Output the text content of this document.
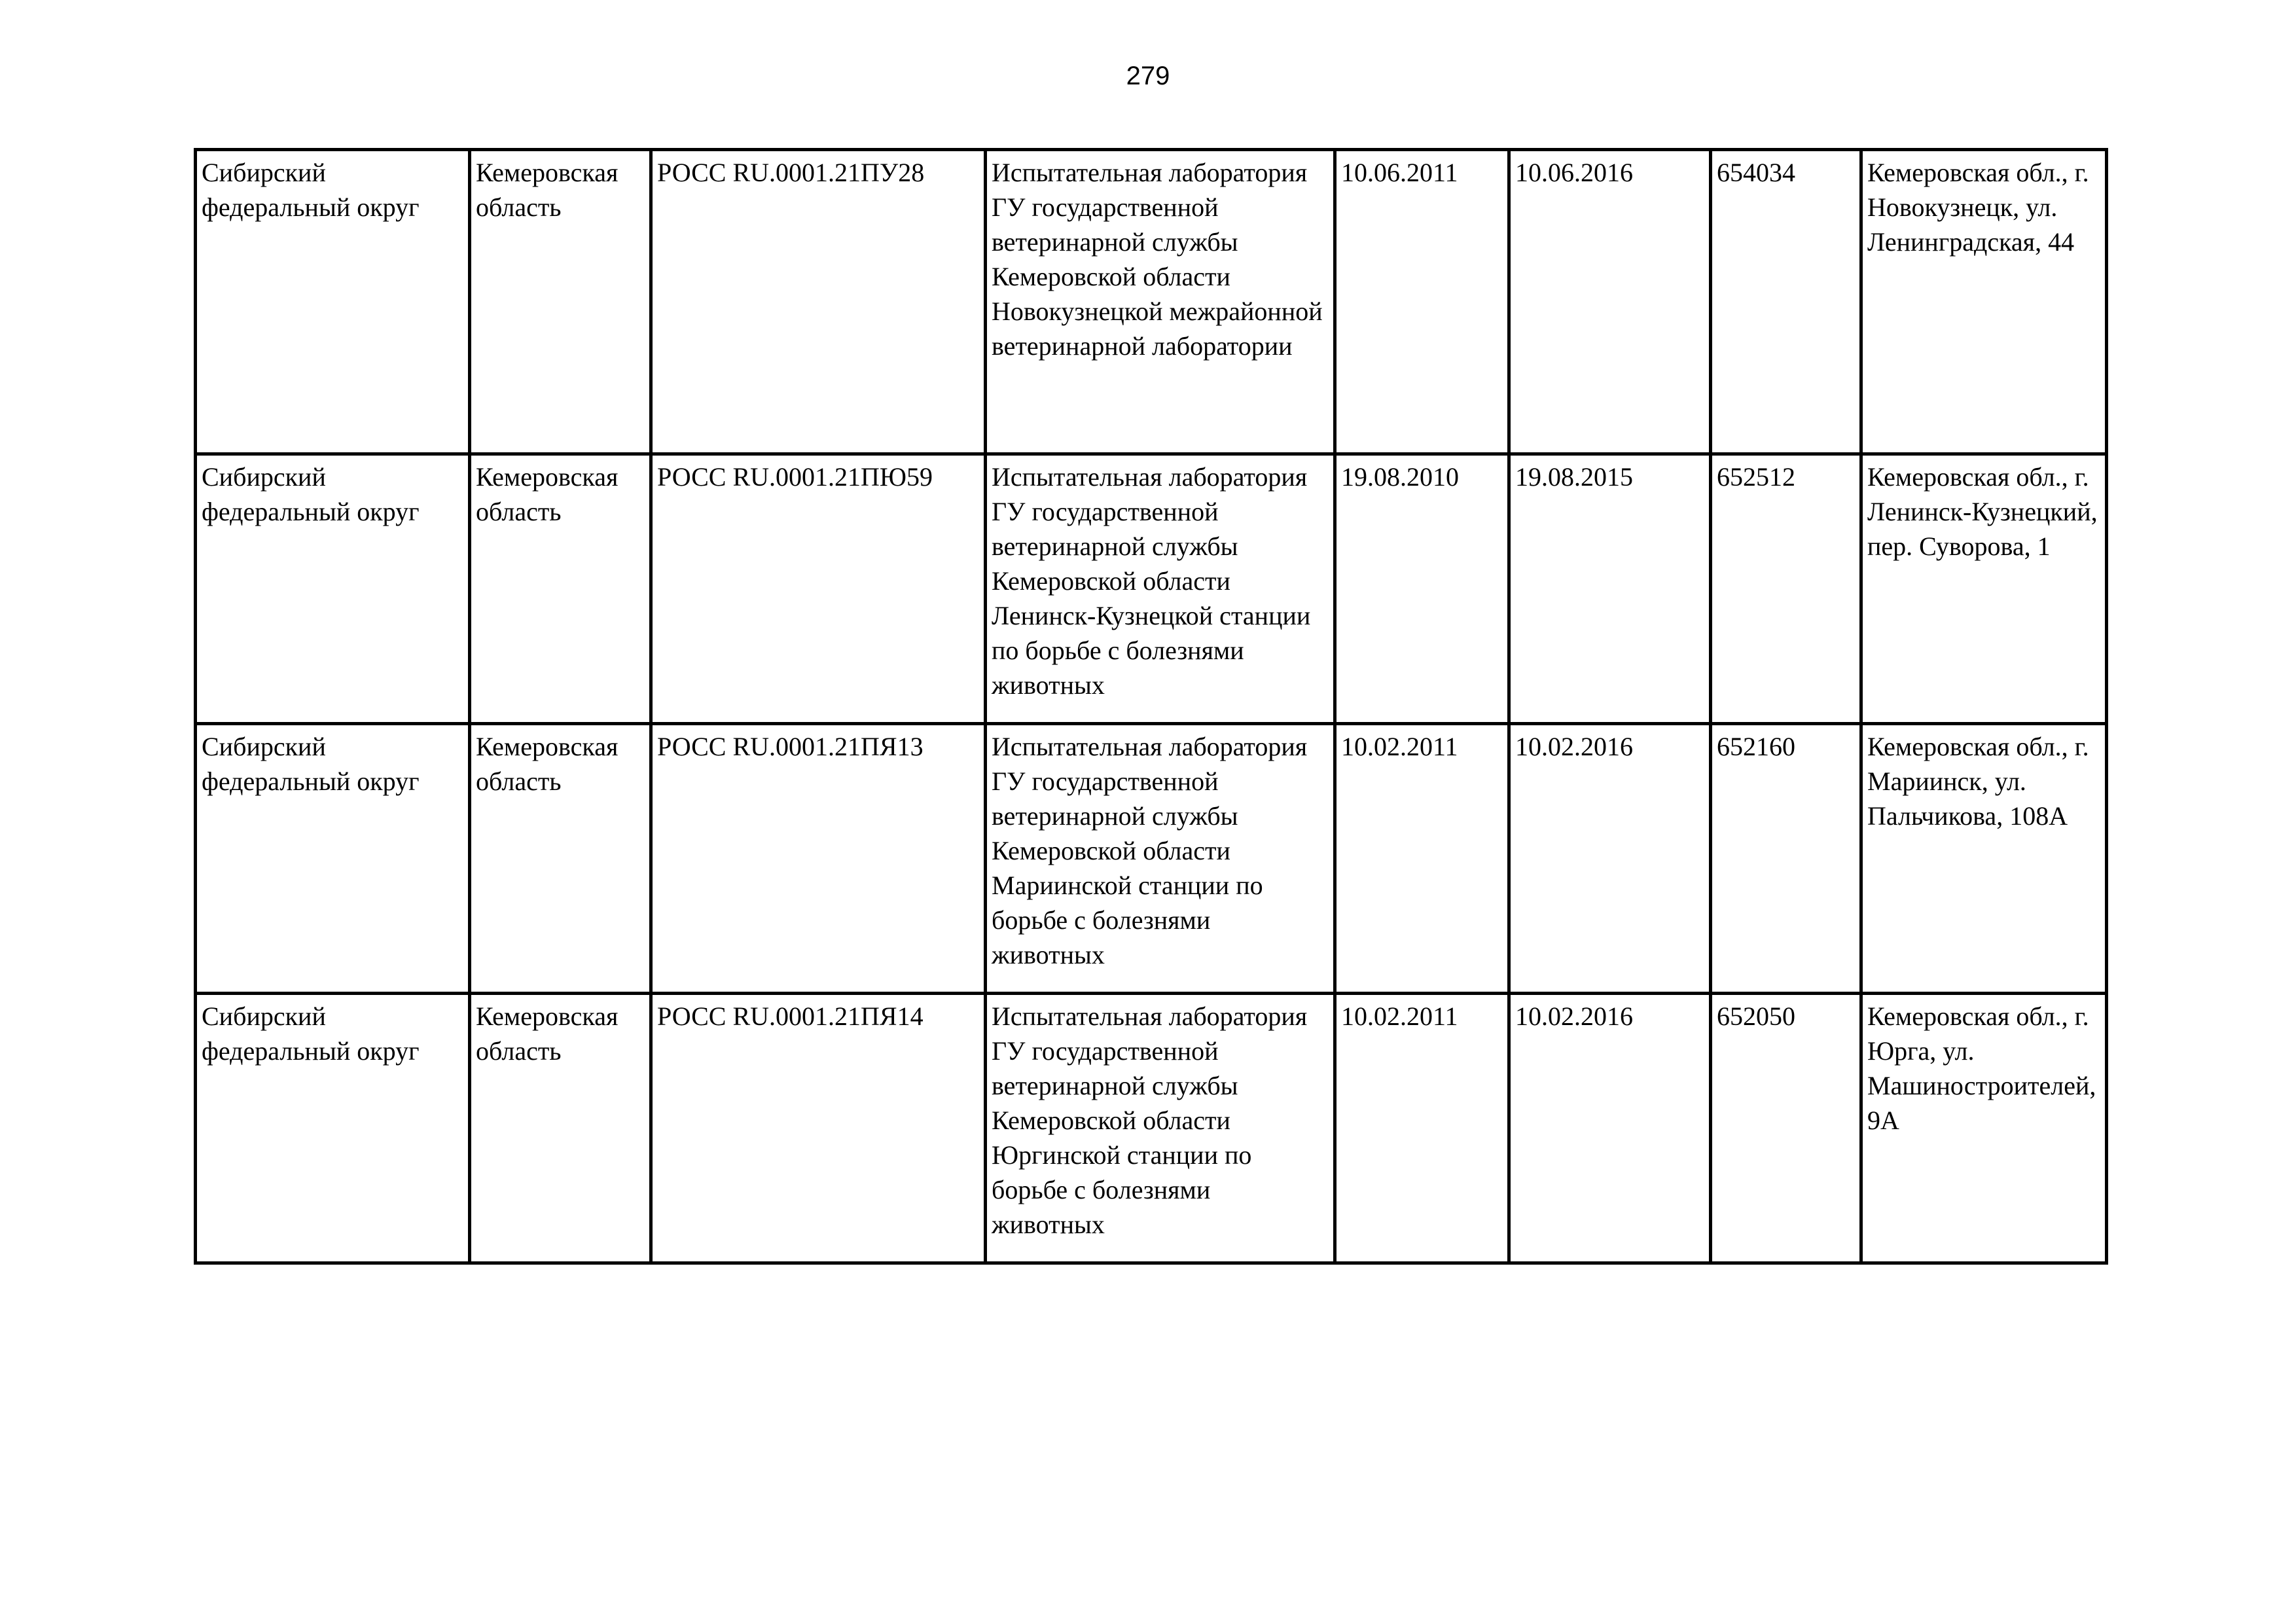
279
Сибирский федеральный округ	Кемеровская область	РОСС RU.0001.21ПУ28	Испытательная лаборатория ГУ государственной ветеринарной службы Кемеровской области Новокузнецкой межрайонной ветеринарной лаборатории	10.06.2011	10.06.2016	654034	Кемеровская обл., г. Новокузнецк, ул. Ленинградская, 44
Сибирский федеральный округ	Кемеровская область	РОСС RU.0001.21ПЮ59	Испытательная лаборатория ГУ государственной ветеринарной службы Кемеровской области Ленинск-Кузнецкой станции по борьбе с болезнями животных	19.08.2010	19.08.2015	652512	Кемеровская обл., г. Ленинск-Кузнецкий, пер. Суворова, 1
Сибирский федеральный округ	Кемеровская область	РОСС RU.0001.21ПЯ13	Испытательная лаборатория ГУ государственной ветеринарной службы Кемеровской области Мариинской станции по борьбе с болезнями животных	10.02.2011	10.02.2016	652160	Кемеровская обл., г. Мариинск, ул. Пальчикова, 108А
Сибирский федеральный округ	Кемеровская область	РОСС RU.0001.21ПЯ14	Испытательная лаборатория ГУ государственной ветеринарной службы Кемеровской области Юргинской станции по борьбе с болезнями животных	10.02.2011	10.02.2016	652050	Кемеровская обл., г. Юрга, ул. Машиностроителей, 9А
